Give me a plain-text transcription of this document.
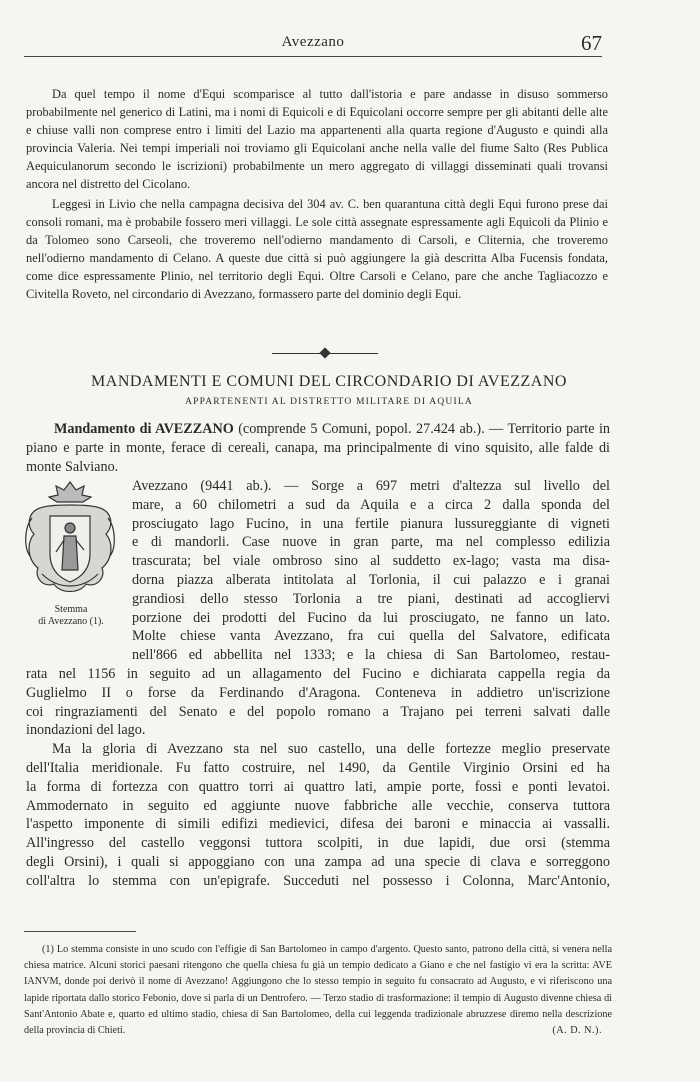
Avezzano	67

Da quel tempo il nome d'Equi scomparisce al tutto dall'istoria e pare andasse in disuso sommerso probabilmente nel generico di Latini, ma i nomi di Equicoli e di Equicolani occorre sempre per gli abitanti delle alte e chiuse valli non comprese entro i limiti del Lazio ma appartenenti alla quarta regione d'Augusto e quindi alla provincia Valeria. Nei tempi imperiali noi troviamo gli Equicolani anche nella valle del fiume Salto (Res Publica Aequiculanorum secondo le iscrizioni) probabilmente un mero aggregato di villaggi disseminati quali trovansi ancora nel distretto del Cicolano.

Leggesi in Livio che nella campagna decisiva del 304 av. C. ben quarantuna città degli Equi furono prese dai consoli romani, ma è probabile fossero meri villaggi. Le sole città assegnate espressamente agli Equicoli da Plinio e da Tolomeo sono Carseoli, che troveremo nell'odierno mandamento di Carsoli, e Cliternia, che troveremo nell'odierno mandamento di Celano. A queste due città si può aggiungere la già descritta Alba Fucensis fondata, come dice espressamente Plinio, nel territorio degli Equi. Oltre Carsoli e Celano, pare che anche Tagliacozzo e Civitella Roveto, nel circondario di Avezzano, formassero parte del dominio degli Equi.

MANDAMENTI E COMUNI DEL CIRCONDARIO DI AVEZZANO
APPARTENENTI AL DISTRETTO MILITARE DI AQUILA

Mandamento di AVEZZANO (comprende 5 Comuni, popol. 27.424 ab.). — Territorio parte in piano e parte in monte, ferace di cereali, canapa, ma principalmente di vino squisito, alle falde di monte Salviano.

Stemma
di Avezzano (1).
Avezzano (9441 ab.). — Sorge a 697 metri d'altezza sul livello del
mare, a 60 chilometri a sud da Aquila e a circa 2 dalla sponda del
prosciugato lago Fucino, in una fertile pianura lussureggiante di vigneti
e di mandorli. Case nuove in gran parte, ma nel complesso edilizia
trascurata; bel viale ombroso sino al suddetto ex-lago; vasta ma disa-
dorna piazza alberata intitolata al Torlonia, il cui palazzo e i granai
grandiosi dello stesso Torlonia a tre piani, destinati ad accogliervi
porzione dei prodotti del Fucino da lui prosciugato, ne fanno un lato.
Molte chiese vanta Avezzano, fra cui quella del Salvatore, edificata
nell'866 ed abbellita nel 1333; e la chiesa di San Bartolomeo, restau-
rata nel 1156 in seguito ad un allagamento del Fucino e dichiarata cappella regia da
Guglielmo II o forse da Ferdinando d'Aragona. Conteneva in addietro un'iscrizione
coi ringraziamenti del Senato e del popolo romano a Trajano pei terreni salvati dalle
inondazioni del lago.
Ma la gloria di Avezzano sta nel suo castello, una delle fortezze meglio preservate
dell'Italia meridionale. Fu fatto costruire, nel 1490, da Gentile Virginio Orsini ed ha
la forma di fortezza con quattro torri ai quattro lati, ampie porte, fossi e ponti levatoi.
Ammodernato in seguito ed aggiunte nuove fabbriche alle vecchie, conserva tuttora
l'aspetto imponente di simili edifizi medievici, difesa dei baroni e minaccia ai vassalli.
All'ingresso del castello veggonsi tuttora scolpiti, in due lapidi, due orsi (stemma
degli Orsini), i quali si appoggiano con una zampa ad una specie di clava e sorreggono
coll'altra lo stemma con un'epigrafe. Succeduti nel possesso i Colonna, Marc'Antonio,

(1) Lo stemma consiste in uno scudo con l'effigie di San Bartolomeo in campo d'argento. Questo santo, patrono della città, si venera nella chiesa matrice. Alcuni storici paesani ritengono che quella chiesa fu già un tempio dedicato a Giano e che nel fastigio vi era la scritta: AVE IANVM, donde poi derivò il nome di Avezzano! Aggiungono che lo stesso tempio in seguito fu consacrato ad Augusto, e vi riferiscono una lapide riportata dallo storico Febonio, dove si parla di un Dentrofero. — Terzo stadio di trasformazione: il tempio di Augusto divenne chiesa di Sant'Antonio Abate e, quarto ed ultimo stadio, chiesa di San Bartolomeo, della cui leggenda tradizionale abruzzese diremo nella descrizione della provincia di Chieti.	(A. D. N.).
